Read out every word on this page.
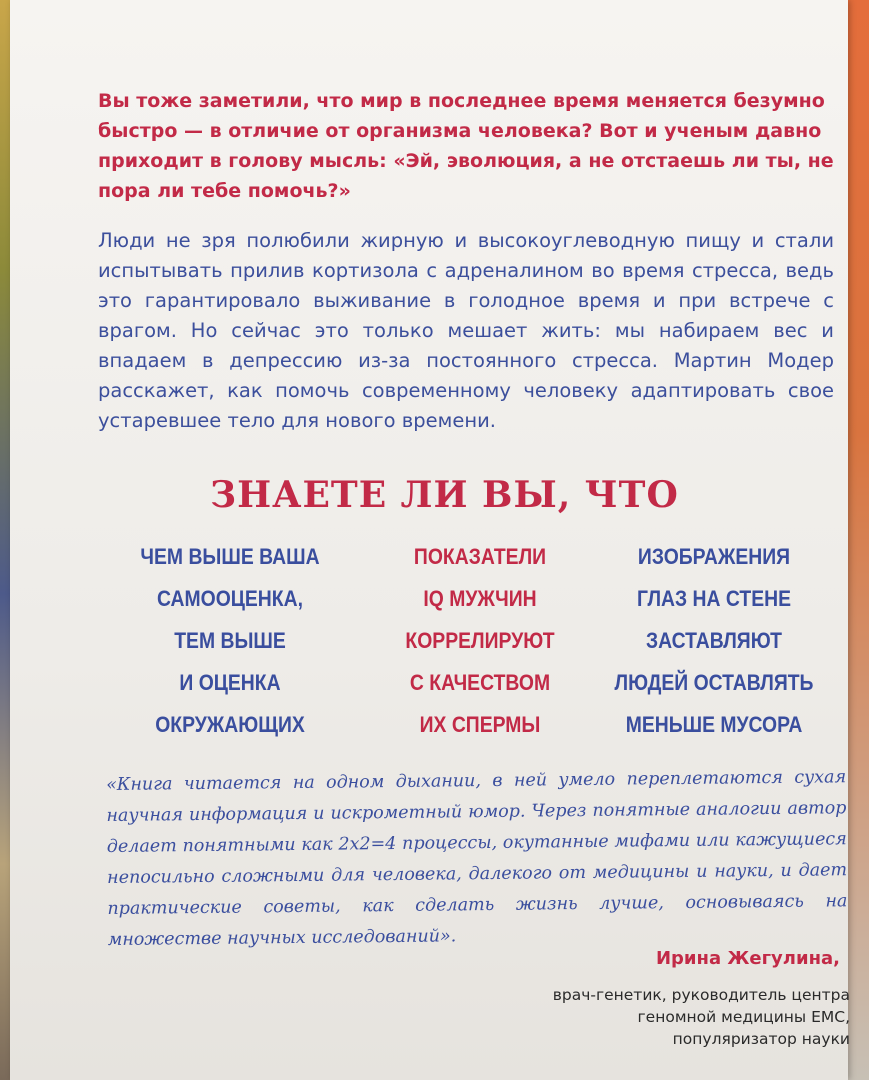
Вы тоже заметили, что мир в последнее время меняется безумно быстро — в отличие от организма человека? Вот и ученым давно приходит в голову мысль: «Эй, эволюция, а не отстаешь ли ты, не пора ли тебе помочь?»

Люди не зря полюбили жирную и высокоуглеводную пищу и стали испытывать прилив кортизола с адреналином во время стресса, ведь это гарантировало выживание в голодное время и при встрече с врагом. Но сейчас это только мешает жить: мы набираем вес и впадаем в депрессию из-за постоянного стресса. Мартин Модер расскажет, как помочь современному человеку адаптировать свое устаревшее тело для нового времени.

ЗНАЕТЕ ЛИ ВЫ, ЧТО
ЧЕМ ВЫШЕ ВАША
САМООЦЕНКА,
ТЕМ ВЫШЕ
И ОЦЕНКА
ОКРУЖАЮЩИХ
ПОКАЗАТЕЛИ
IQ МУЖЧИН
КОРРЕЛИРУЮТ
С КАЧЕСТВОМ
ИХ СПЕРМЫ
ИЗОБРАЖЕНИЯ
ГЛАЗ НА СТЕНЕ
ЗАСТАВЛЯЮТ
ЛЮДЕЙ ОСТАВЛЯТЬ
МЕНЬШЕ МУСОРА

«Книга читается на одном дыхании, в ней умело переплетаются сухая научная информация и искрометный юмор. Через понятные аналогии автор делает понятными как 2х2=4 процессы, окутанные мифами или кажущиеся непосильно сложными для человека, далекого от медицины и науки, и дает практические советы, как сделать жизнь лучше, основываясь на множестве научных исследований».

Ирина Жегулина,

врач-генетик, руководитель центра
геномной медицины ЕМС,
популяризатор науки
